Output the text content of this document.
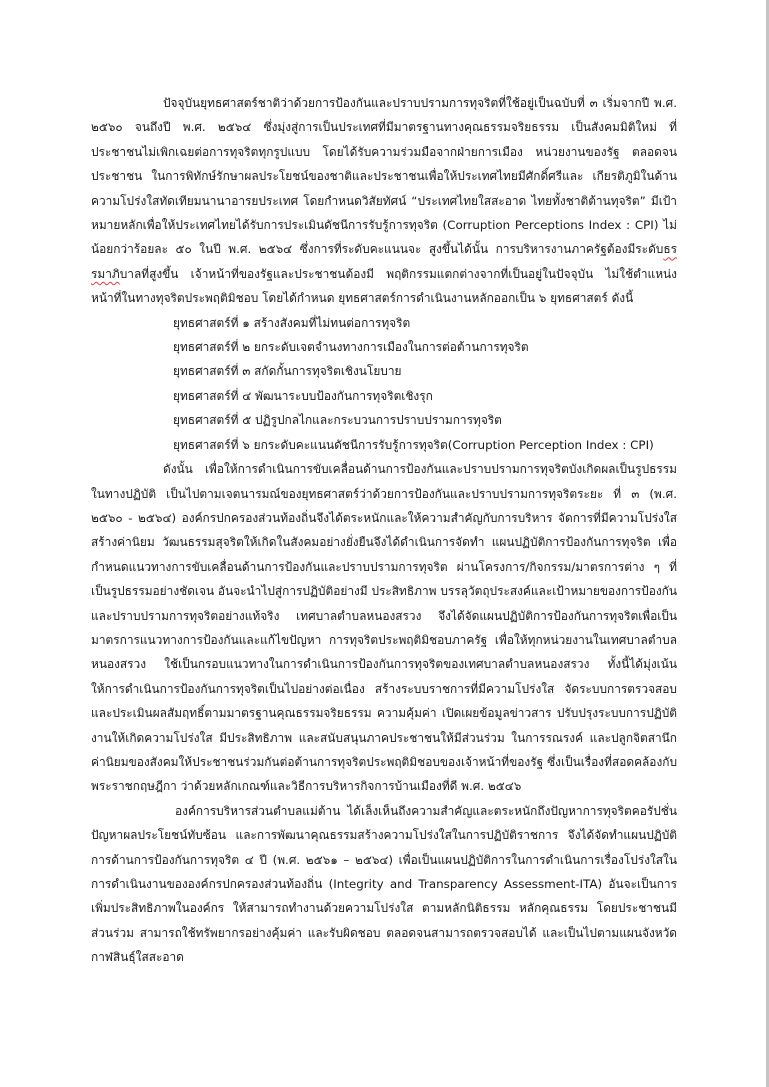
ปัจจุบันยุทธศาสตร์ชาติว่าด้วยการป้องกันและปราบปรามการทุจริตที่ใช้อยู่เป็นฉบับที่ ๓ เริ่มจากปี พ.ศ. ๒๕๖๐ จนถึงปี พ.ศ. ๒๕๖๔ ซึ่งมุ่งสู่การเป็นประเทศที่มีมาตรฐานทางคุณธรรมจริยธรรม เป็นสังคมมิติใหม่ ที่ประชาชนไม่เพิกเฉยต่อการทุจริตทุกรูปแบบ โดยได้รับความร่วมมือจากฝ่ายการเมือง หน่วยงานของรัฐ ตลอดจนประชาชน ในการพิทักษ์รักษาผลประโยชน์ของชาติและประชาชนเพื่อให้ประเทศไทยมีศักดิ์ศรีและ เกียรติภูมิในด้านความโปร่งใสทัดเทียมนานาอารยประเทศ โดยกำหนดวิสัยทัศน์ “ประเทศไทยใสสะอาด ไทยทั้งชาติต้านทุจริต” มีเป้าหมายหลักเพื่อให้ประเทศไทยได้รับการประเมินดัชนีการรับรู้การทุจริต (Corruption Perceptions Index : CPI) ไม่น้อยกว่าร้อยละ ๕๐ ในปี พ.ศ. ๒๕๖๔ ซึ่งการที่ระดับคะแนนจะ สูงขึ้นได้นั้น การบริหารงานภาครัฐต้องมีระดับธรรมาภิบาลที่สูงขึ้น เจ้าหน้าที่ของรัฐและประชาชนต้องมี พฤติกรรมแตกต่างจากที่เป็นอยู่ในปัจจุบัน ไม่ใช้ตำแหน่งหน้าที่ในทางทุจริตประพฤติมิชอบ โดยได้กำหนด ยุทธศาสตร์การดำเนินงานหลักออกเป็น ๖ ยุทธศาสตร์ ดังนี้

ยุทธศาสตร์ที่ ๑ สร้างสังคมที่ไม่ทนต่อการทุจริต
ยุทธศาสตร์ที่ ๒ ยกระดับเจตจำนงทางการเมืองในการต่อต้านการทุจริต
ยุทธศาสตร์ที่ ๓ สกัดกั้นการทุจริตเชิงนโยบาย
ยุทธศาสตร์ที่ ๔ พัฒนาระบบป้องกันการทุจริตเชิงรุก
ยุทธศาสตร์ที่ ๕ ปฏิรูปกลไกและกระบวนการปราบปรามการทุจริต
ยุทธศาสตร์ที่ ๖ ยกระดับคะแนนดัชนีการรับรู้การทุจริต(Corruption Perception Index : CPI)

ดังนั้น เพื่อให้การดำเนินการขับเคลื่อนด้านการป้องกันและปราบปรามการทุจริตบังเกิดผลเป็นรูปธรรมในทางปฏิบัติ เป็นไปตามเจตนารมณ์ของยุทธศาสตร์ว่าด้วยการป้องกันและปราบปรามการทุจริตระยะ ที่ ๓ (พ.ศ. ๒๕๖๐ - ๒๕๖๔) องค์กรปกครองส่วนท้องถิ่นจึงได้ตระหนักและให้ความสำคัญกับการบริหาร จัดการที่มีความโปร่งใส สร้างค่านิยม วัฒนธรรมสุจริตให้เกิดในสังคมอย่างยั่งยืนจึงได้ดำเนินการจัดทำ แผนปฏิบัติการป้องกันการทุจริต เพื่อกำหนดแนวทางการขับเคลื่อนด้านการป้องกันและปราบปรามการทุจริต ผ่านโครงการ/กิจกรรม/มาตรการต่าง ๆ ที่เป็นรูปธรรมอย่างชัดเจน อันจะนำไปสู่การปฏิบัติอย่างมี ประสิทธิภาพ บรรลุวัตถุประสงค์และเป้าหมายของการป้องกันและปราบปรามการทุจริตอย่างแท้จริง เทศบาลตำบลหนองสรวง จึงได้จัดแผนปฏิบัติการป้องกันการทุจริตเพื่อเป็นมาตรการแนวทางการป้องกันและแก้ไขปัญหา การทุจริตประพฤติมิชอบภาครัฐ เพื่อให้ทุกหน่วยงานในเทศบาลตำบลหนองสรวง ใช้เป็นกรอบแนวทางในการดำเนินการป้องกันการทุจริตของเทศบาลตำบลหนองสรวง ทั้งนี้ได้มุ่งเน้นให้การดำเนินการป้องกันการทุจริตเป็นไปอย่างต่อเนื่อง สร้างระบบราชการที่มีความโปร่งใส จัดระบบการตรวจสอบและประเมินผลสัมฤทธิ์ตามมาตรฐานคุณธรรมจริยธรรม ความคุ้มค่า เปิดเผยข้อมูลข่าวสาร ปรับปรุงระบบการปฏิบัติงานให้เกิดความโปร่งใส มีประสิทธิภาพ และสนับสนุนภาคประชาชนให้มีส่วนร่วม ในการรณรงค์ และปลูกจิตสานึกค่านิยมของสังคมให้ประชาชนร่วมกันต่อต้านการทุจริตประพฤติมิชอบของเจ้าหน้าที่ของรัฐ ซึ่งเป็นเรื่องที่สอดคล้องกับพระราชกฤษฎีกา ว่าด้วยหลักเกณฑ์และวิธีการบริหารกิจการบ้านเมืองที่ดี พ.ศ. ๒๕๔๖

องค์การบริหารส่วนตำบลแม่ต้าน ได้เล็งเห็นถึงความสำคัญและตระหนักถึงปัญหาการทุจริตคอรัปชั่น ปัญหาผลประโยชน์ทับซ้อน และการพัฒนาคุณธรรมสร้างความโปร่งใสในการปฏิบัติราชการ จึงได้จัดทำแผนปฏิบัติการด้านการป้องกันการทุจริต ๔ ปี (พ.ศ. ๒๕๖๑ – ๒๕๖๔) เพื่อเป็นแผนปฏิบัติการในการดำเนินการเรื่องโปร่งใสในการดำเนินงานขององค์กรปกครองส่วนท้องถิ่น (Integrity and Transparency Assessment-ITA) อันจะเป็นการเพิ่มประสิทธิภาพในองค์กร ให้สามารถทำงานด้วยความโปร่งใส ตามหลักนิติธรรม หลักคุณธรรม โดยประชาชนมีส่วนร่วม สามารถใช้ทรัพยากรอย่างคุ้มค่า และรับผิดชอบ ตลอดจนสามารถตรวจสอบได้ และเป็นไปตามแผนจังหวัดกาฬสินธุ์ใสสะอาด
